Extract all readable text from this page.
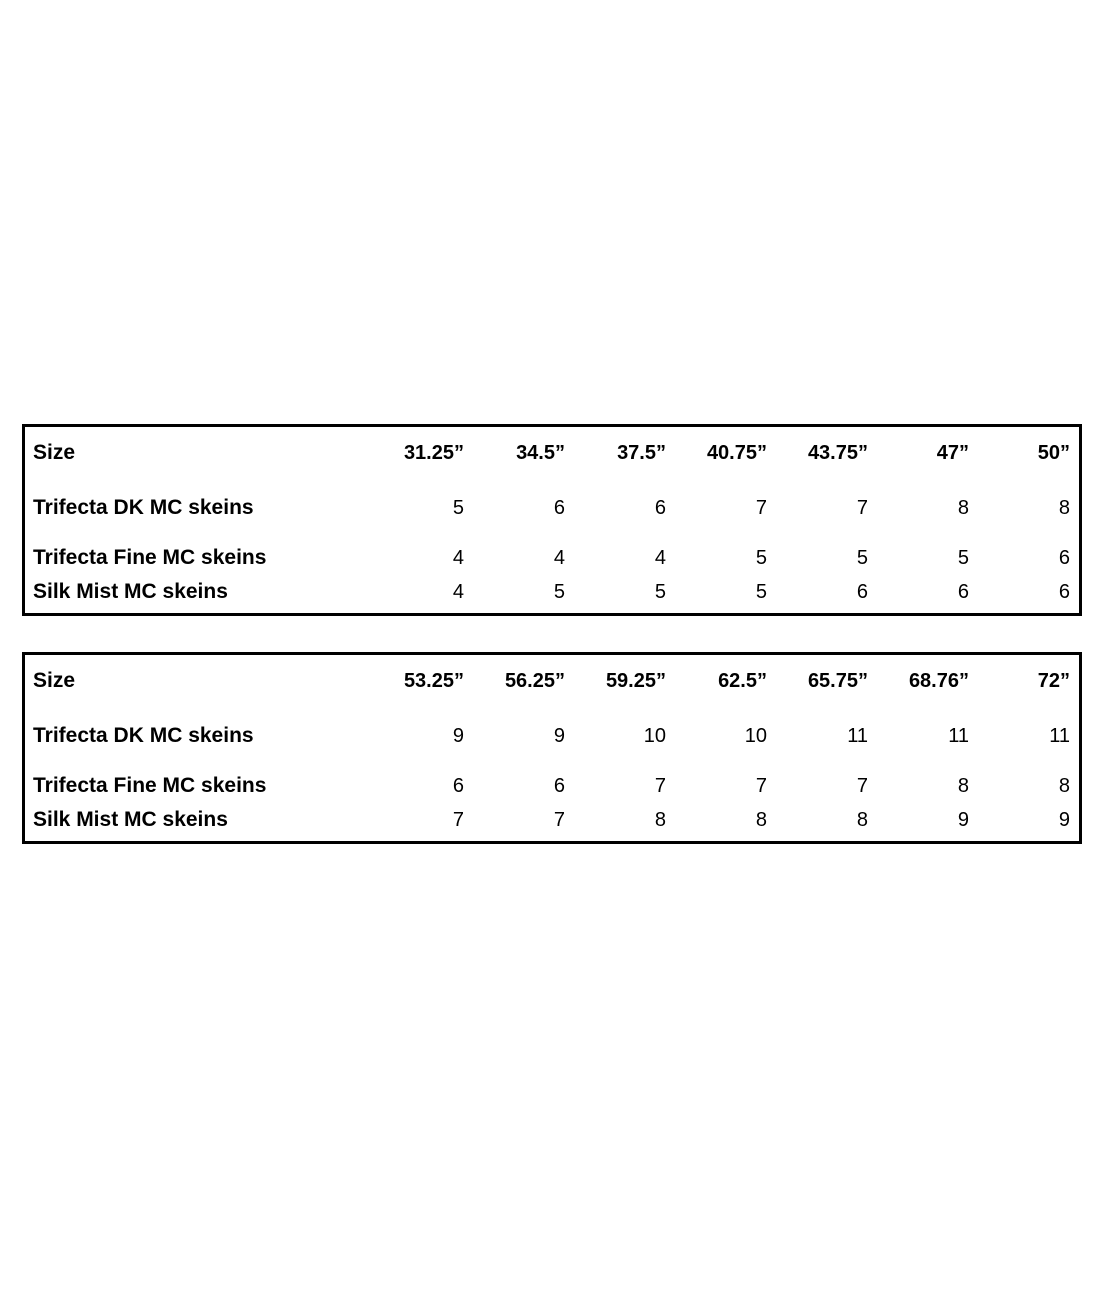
Size	31.25”	34.5”	37.5”	40.75”	43.75”	47”	50”
Trifecta DK MC skeins	5	6	6	7	7	8	8
Trifecta Fine MC skeins	4	4	4	5	5	5	6
Silk Mist MC skeins	4	5	5	5	6	6	6
Size	53.25”	56.25”	59.25”	62.5”	65.75”	68.76”	72”
Trifecta DK MC skeins	9	9	10	10	11	11	11
Trifecta Fine MC skeins	6	6	7	7	7	8	8
Silk Mist MC skeins	7	7	8	8	8	9	9
